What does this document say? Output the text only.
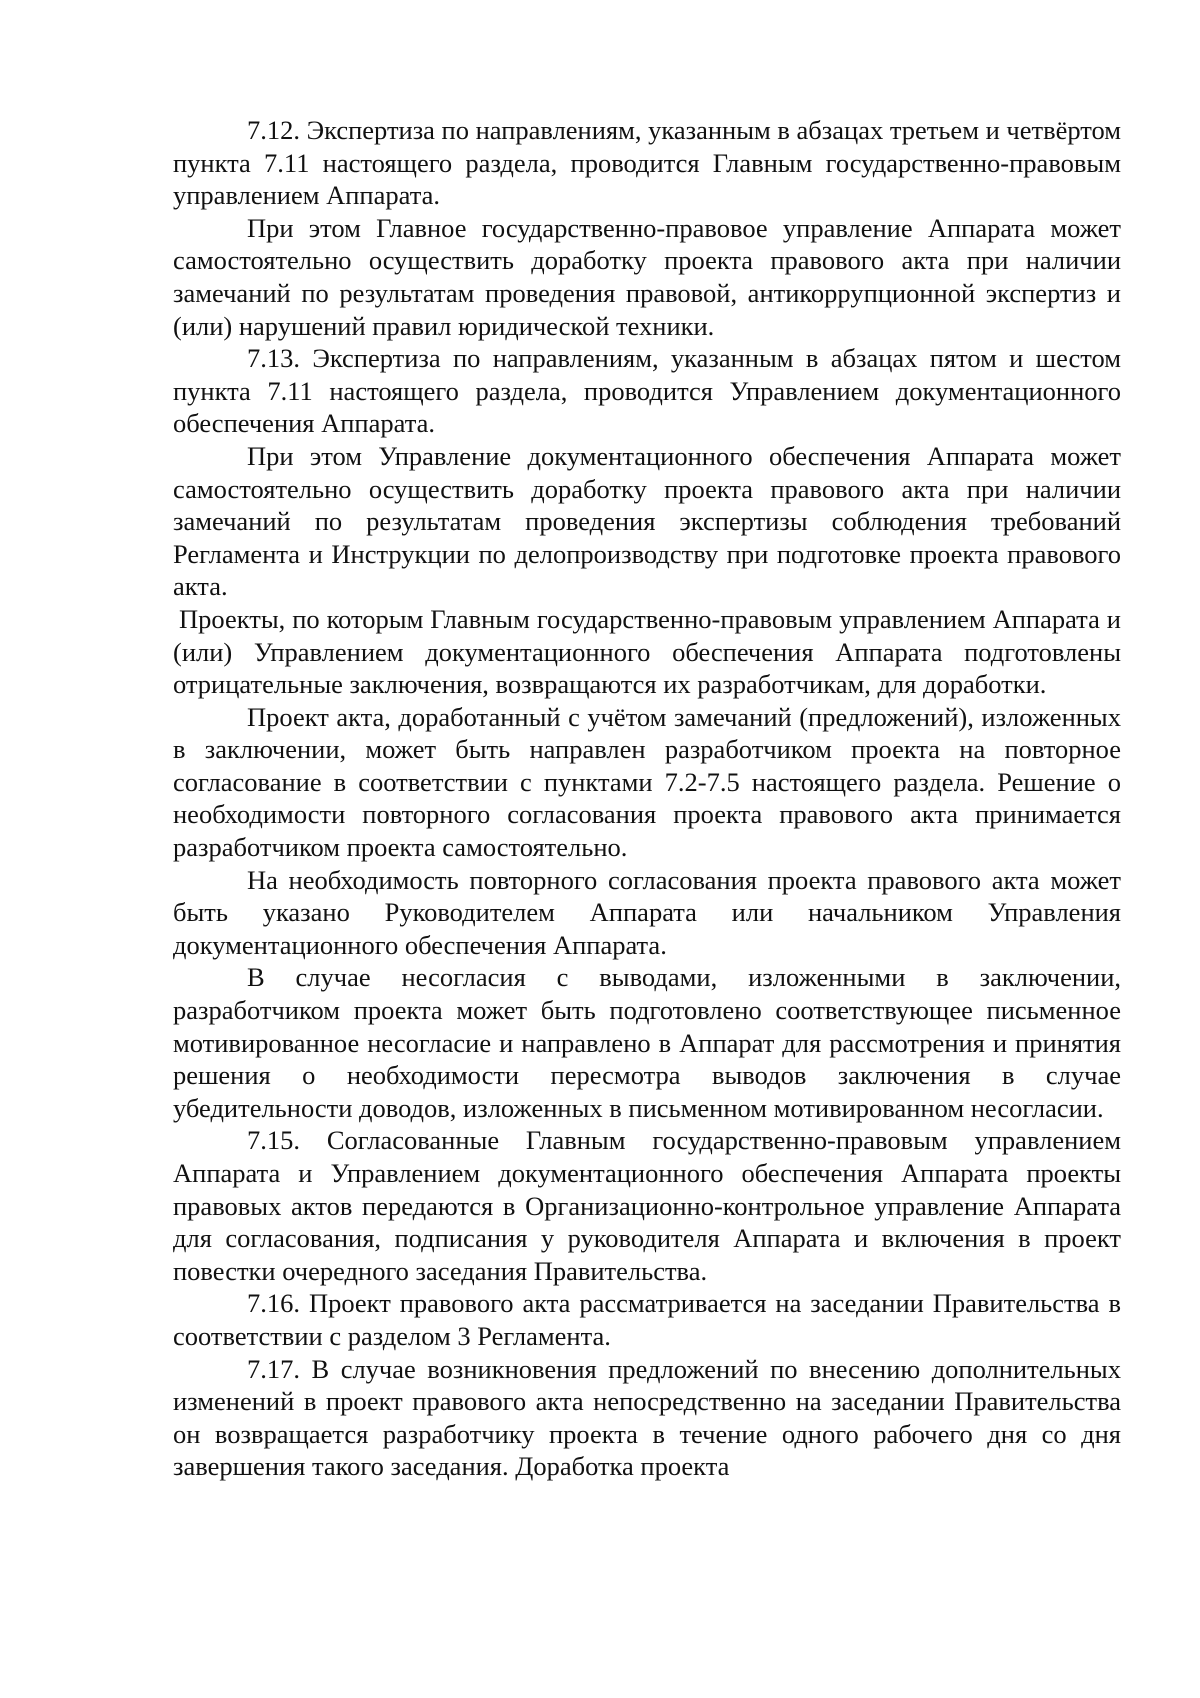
7.12. Экспертиза по направлениям, указанным в абзацах третьем и четвёртом пункта 7.11 настоящего раздела, проводится Главным государственно-правовым управлением Аппарата.

При этом Главное государственно-правовое управление Аппарата может самостоятельно осуществить доработку проекта правового акта при наличии замечаний по результатам проведения правовой, антикоррупционной экспертиз и (или) нарушений правил юридической техники.

7.13. Экспертиза по направлениям, указанным в абзацах пятом и шестом пункта 7.11 настоящего раздела, проводится Управлением документационного обеспечения Аппарата.

При этом Управление документационного обеспечения Аппарата может самостоятельно осуществить доработку проекта правового акта при наличии замечаний по результатам проведения экспертизы соблюдения требований Регламента и Инструкции по делопроизводству при подготовке проекта правового акта.

Проекты, по которым Главным государственно-правовым управлением Аппарата и (или) Управлением документационного обеспечения Аппарата подготовлены отрицательные заключения, возвращаются их разработчикам, для доработки.

Проект акта, доработанный с учётом замечаний (предложений), изложенных в заключении, может быть направлен разработчиком проекта на повторное согласование в соответствии с пунктами 7.2-7.5 настоящего раздела. Решение о необходимости повторного согласования проекта правового акта принимается разработчиком проекта самостоятельно.

На необходимость повторного согласования проекта правового акта может быть указано Руководителем Аппарата или начальником Управления документационного обеспечения Аппарата.

В случае несогласия с выводами, изложенными в заключении, разработчиком проекта может быть подготовлено соответствующее письменное мотивированное несогласие и направлено в Аппарат для рассмотрения и принятия решения о необходимости пересмотра выводов заключения в случае убедительности доводов, изложенных в письменном мотивированном несогласии.

7.15. Согласованные Главным государственно-правовым управлением Аппарата и Управлением документационного обеспечения Аппарата проекты правовых актов передаются в Организационно-контрольное управление Аппарата для согласования, подписания у руководителя Аппарата и включения в проект повестки очередного заседания Правительства.

7.16. Проект правового акта рассматривается на заседании Правительства в соответствии с разделом 3 Регламента.

7.17. В случае возникновения предложений по внесению дополнительных изменений в проект правового акта непосредственно на заседании Правительства он возвращается разработчику проекта в течение одного рабочего дня со дня завершения такого заседания. Доработка проекта
